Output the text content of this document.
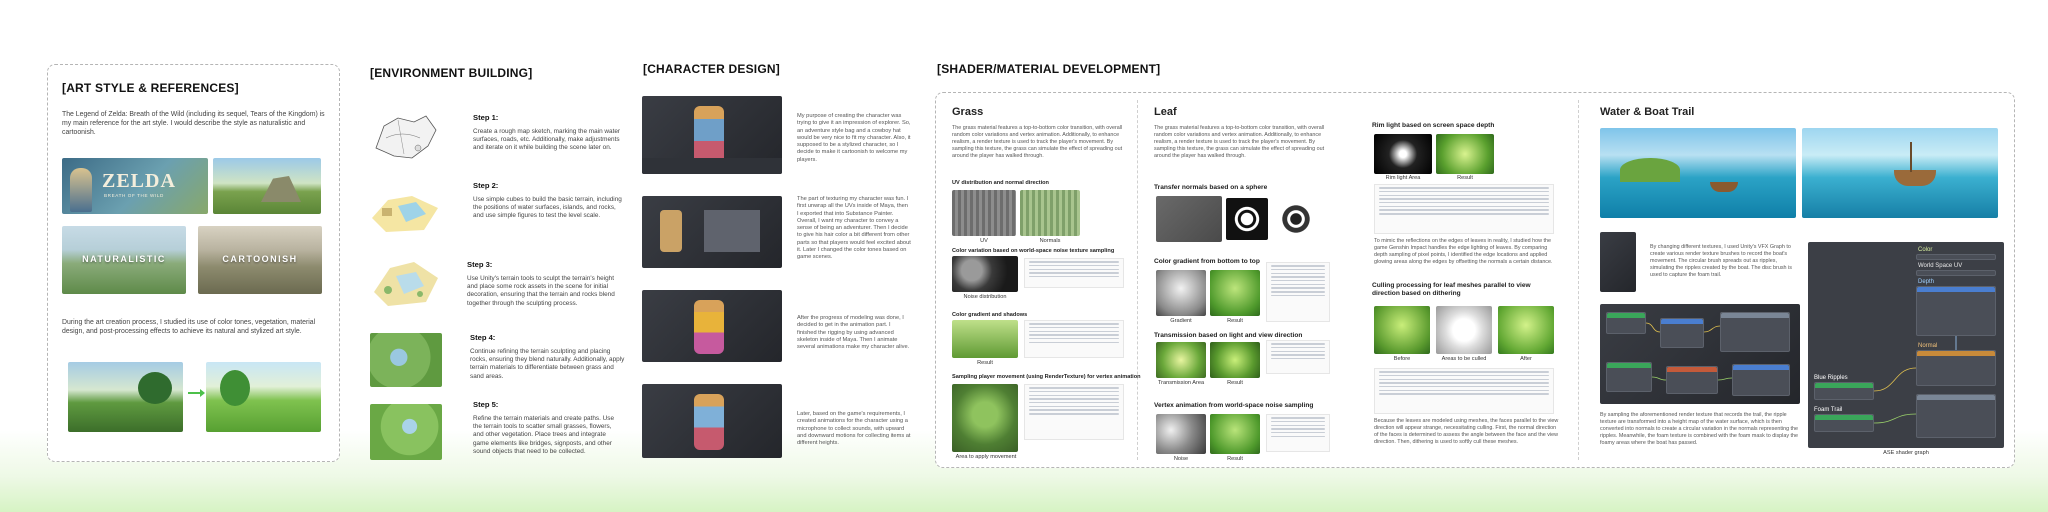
[ART STYLE & REFERENCES]
The Legend of Zelda: Breath of the Wild (including its sequel, Tears of the Kingdom) is my main reference for the art style. I would describe the style as naturalistic and cartoonish.
ZELDA
BREATH OF THE WILD
NATURALISTIC	CARTOONISH
During the art creation process, I studied its use of color tones, vegetation, material design, and post-processing effects to achieve its natural and stylized art style.
[ENVIRONMENT BUILDING]
Step 1:
Create a rough map sketch, marking the main water surfaces, roads, etc. Additionally, make adjustments and iterate on it while building the scene later on.
Step 2:
Use simple cubes to build the basic terrain, including the positions of water surfaces, islands, and rocks, and use simple figures to test the level scale.
Step 3:
Use Unity's terrain tools to sculpt the terrain's height and place some rock assets in the scene for initial decoration, ensuring that the terrain and rocks blend together through the sculpting process.
Step 4:
Continue refining the terrain sculpting and placing rocks, ensuring they blend naturally. Additionally, apply terrain materials to differentiate between grass and sand areas.
Step 5:
Refine the terrain materials and create paths. Use the terrain tools to scatter small grasses, flowers, and other vegetation. Place trees and integrate game elements like bridges, signposts, and other sound objects that need to be collected.
[CHARACTER DESIGN]
My purpose of creating the character was trying to give it an impression of explorer. So, an adventure style bag and a cowboy hat would be very nice to fit my character. Also, it supposed to be a stylized character, so I decide to make it cartoonish to welcome my players.
The part of texturing my character was fun. I first unwrap all the UVs inside of Maya, then I exported that into Substance Painter. Overall, I want my character to convey a sense of being an adventurer. Then I decide to give his hair color a bit different from other parts so that players would feel excited about it. Later I changed the color tones based on game scenes.
After the progress of modeling was done, I decided to get in the animation part. I finished the rigging by using advanced skeleton inside of Maya. Then I animate several animations make my character alive.
Later, based on the game's requirements, I created animations for the character using a microphone to collect sounds, with upward and downward motions for collecting items at different heights.
[SHADER/MATERIAL DEVELOPMENT]
Grass
The grass material features a top-to-bottom color transition, with overall random color variations and vertex animation. Additionally, to enhance realism, a render texture is used to track the player's movement. By sampling this texture, the grass can simulate the effect of spreading out around the player has walked through.
UV distribution and normal direction
UV	Normals
Color variation based on world-space noise texture sampling
Noise distribution
Color gradient and shadows
Result
Sampling player movement (using RenderTexture) for vertex animation
Area to apply movement
Leaf
The grass material features a top-to-bottom color transition, with overall random color variations and vertex animation. Additionally, to enhance realism, a render texture is used to track the player's movement. By sampling this texture, the grass can simulate the effect of spreading out around the player has walked through.
Transfer normals based on a sphere
Color gradient from bottom to top
Gradient	Result
Transmission based on light and view direction
Transmission Area	Result
Vertex animation from world-space noise sampling
Noise	Result
Rim light based on screen space depth
Rim light Area	Result
To mimic the reflections on the edges of leaves in reality, I studied how the game Genshin Impact handles the edge lighting of leaves. By comparing depth sampling of pixel points, I identified the edge locations and applied glowing areas along the edges by offsetting the normals a certain distance.
Culling processing for leaf meshes parallel to view direction based on dithering
Before	Areas to be culled	After
Because the leaves are modeled using meshes, the faces parallel to the view direction will appear strange, necessitating culling. First, the normal direction of the faces is determined to assess the angle between the face and the view direction. Then, dithering is used to softly cull these meshes.
Water & Boat Trail
By changing different textures, I used Unity's VFX Graph to create various render texture brushes to record the boat's movement. The circular brush spreads out as ripples, simulating the ripples created by the boat. The disc brush is used to capture the foam trail.
By sampling the aforementioned render texture that records the trail, the ripple texture are transformed into a height map of the water surface, which is then converted into normals to create a circular variation in the normals representing the ripples. Meanwhile, the foam texture is combined with the foam mask to display the foamy areas where the boat has passed.
Color
World Space UV
Depth
Blue Ripples
Foam Trail
Normal
ASE shader graph
